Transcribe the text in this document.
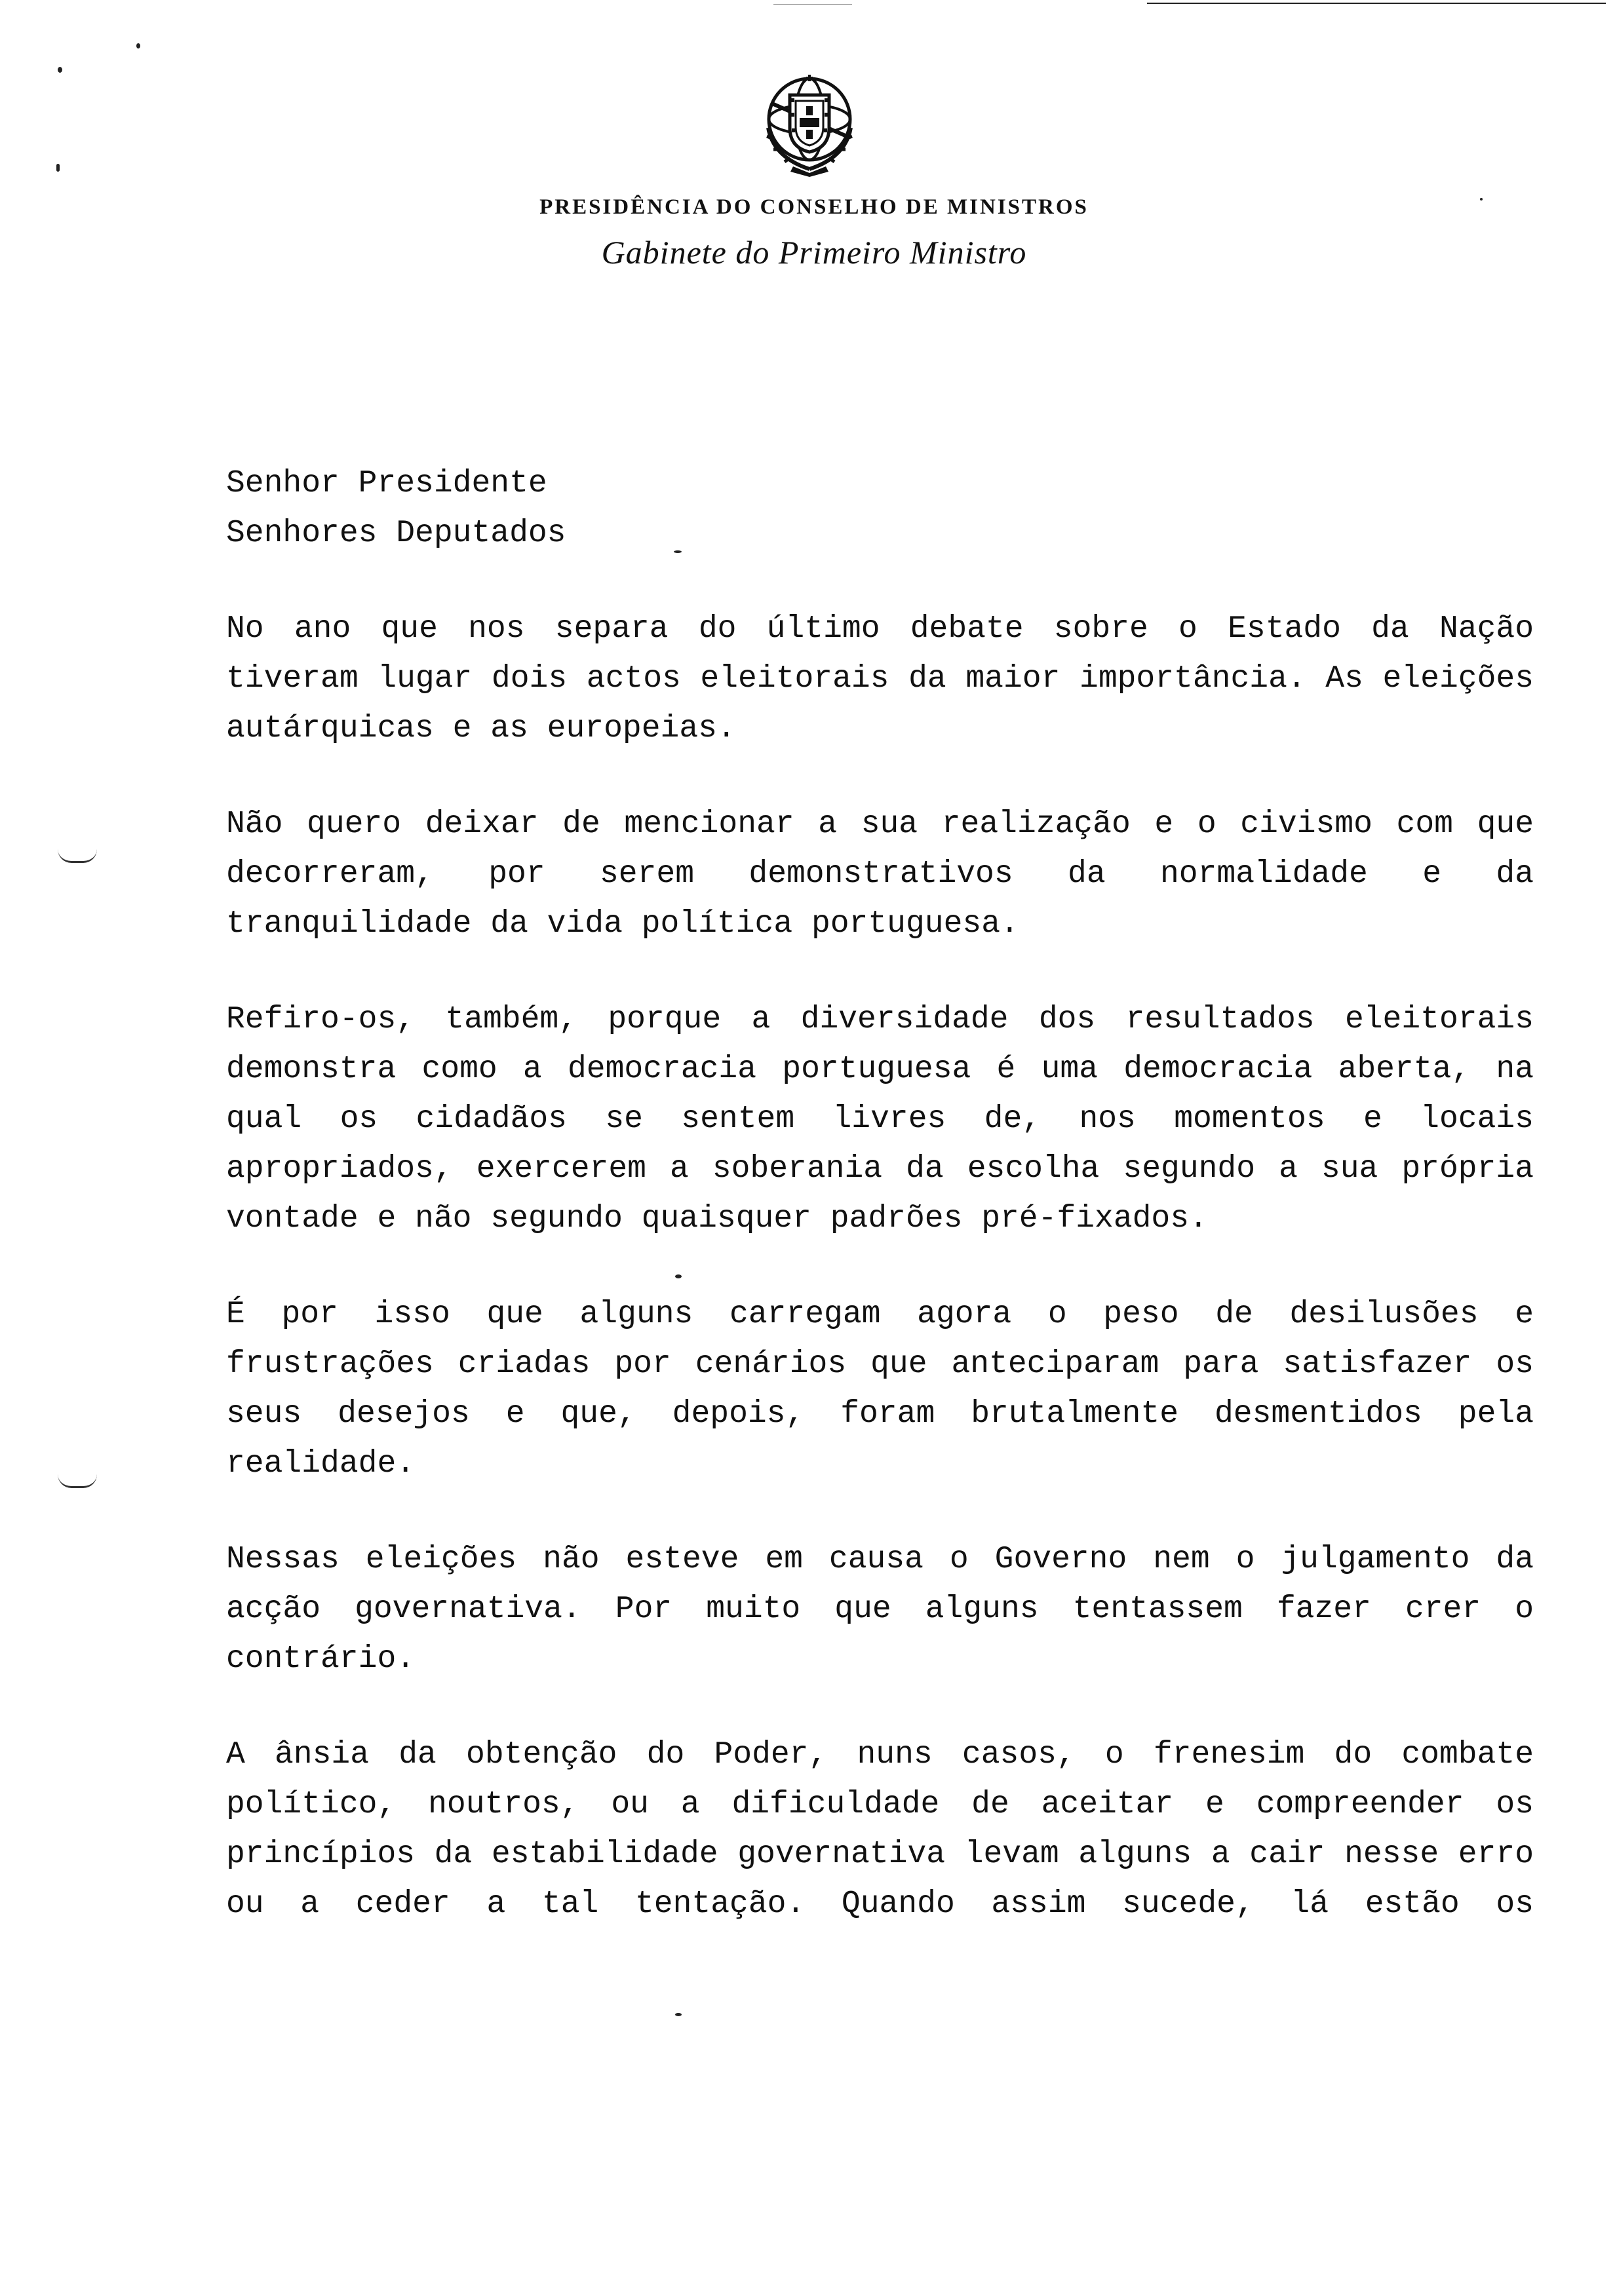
PRESIDÊNCIA DO CONSELHO DE MINISTROS
Gabinete do Primeiro Ministro

Senhor Presidente

Senhores Deputados

No ano que nos separa do último debate sobre o Estado da Nação tiveram lugar dois actos eleitorais da maior importância. As eleições autárquicas e as europeias.

Não quero deixar de mencionar a sua realização e o civismo com que decorreram, por serem demonstrativos da normalidade e da tranquilidade da vida política portuguesa.

Refiro-os, também, porque a diversidade dos resultados eleitorais demonstra como a democracia portuguesa é uma democracia aberta, na qual os cidadãos se sentem livres de, nos momentos e locais apropriados, exercerem a soberania da escolha segundo a sua própria vontade e não segundo quaisquer padrões pré-fixados.

É por isso que alguns carregam agora o peso de desilusões e frustrações criadas por cenários que anteciparam para satisfazer os seus desejos e que, depois, foram brutalmente desmentidos pela realidade.

Nessas eleições não esteve em causa o Governo nem o julgamento da acção governativa. Por muito que alguns tentassem fazer crer o contrário.

A ânsia da obtenção do Poder, nuns casos, o frenesim do combate político, noutros, ou a dificuldade de aceitar e compreender os princípios da estabilidade governativa levam alguns a cair nesse erro ou a ceder a tal tentação. Quando assim sucede, lá estão os
